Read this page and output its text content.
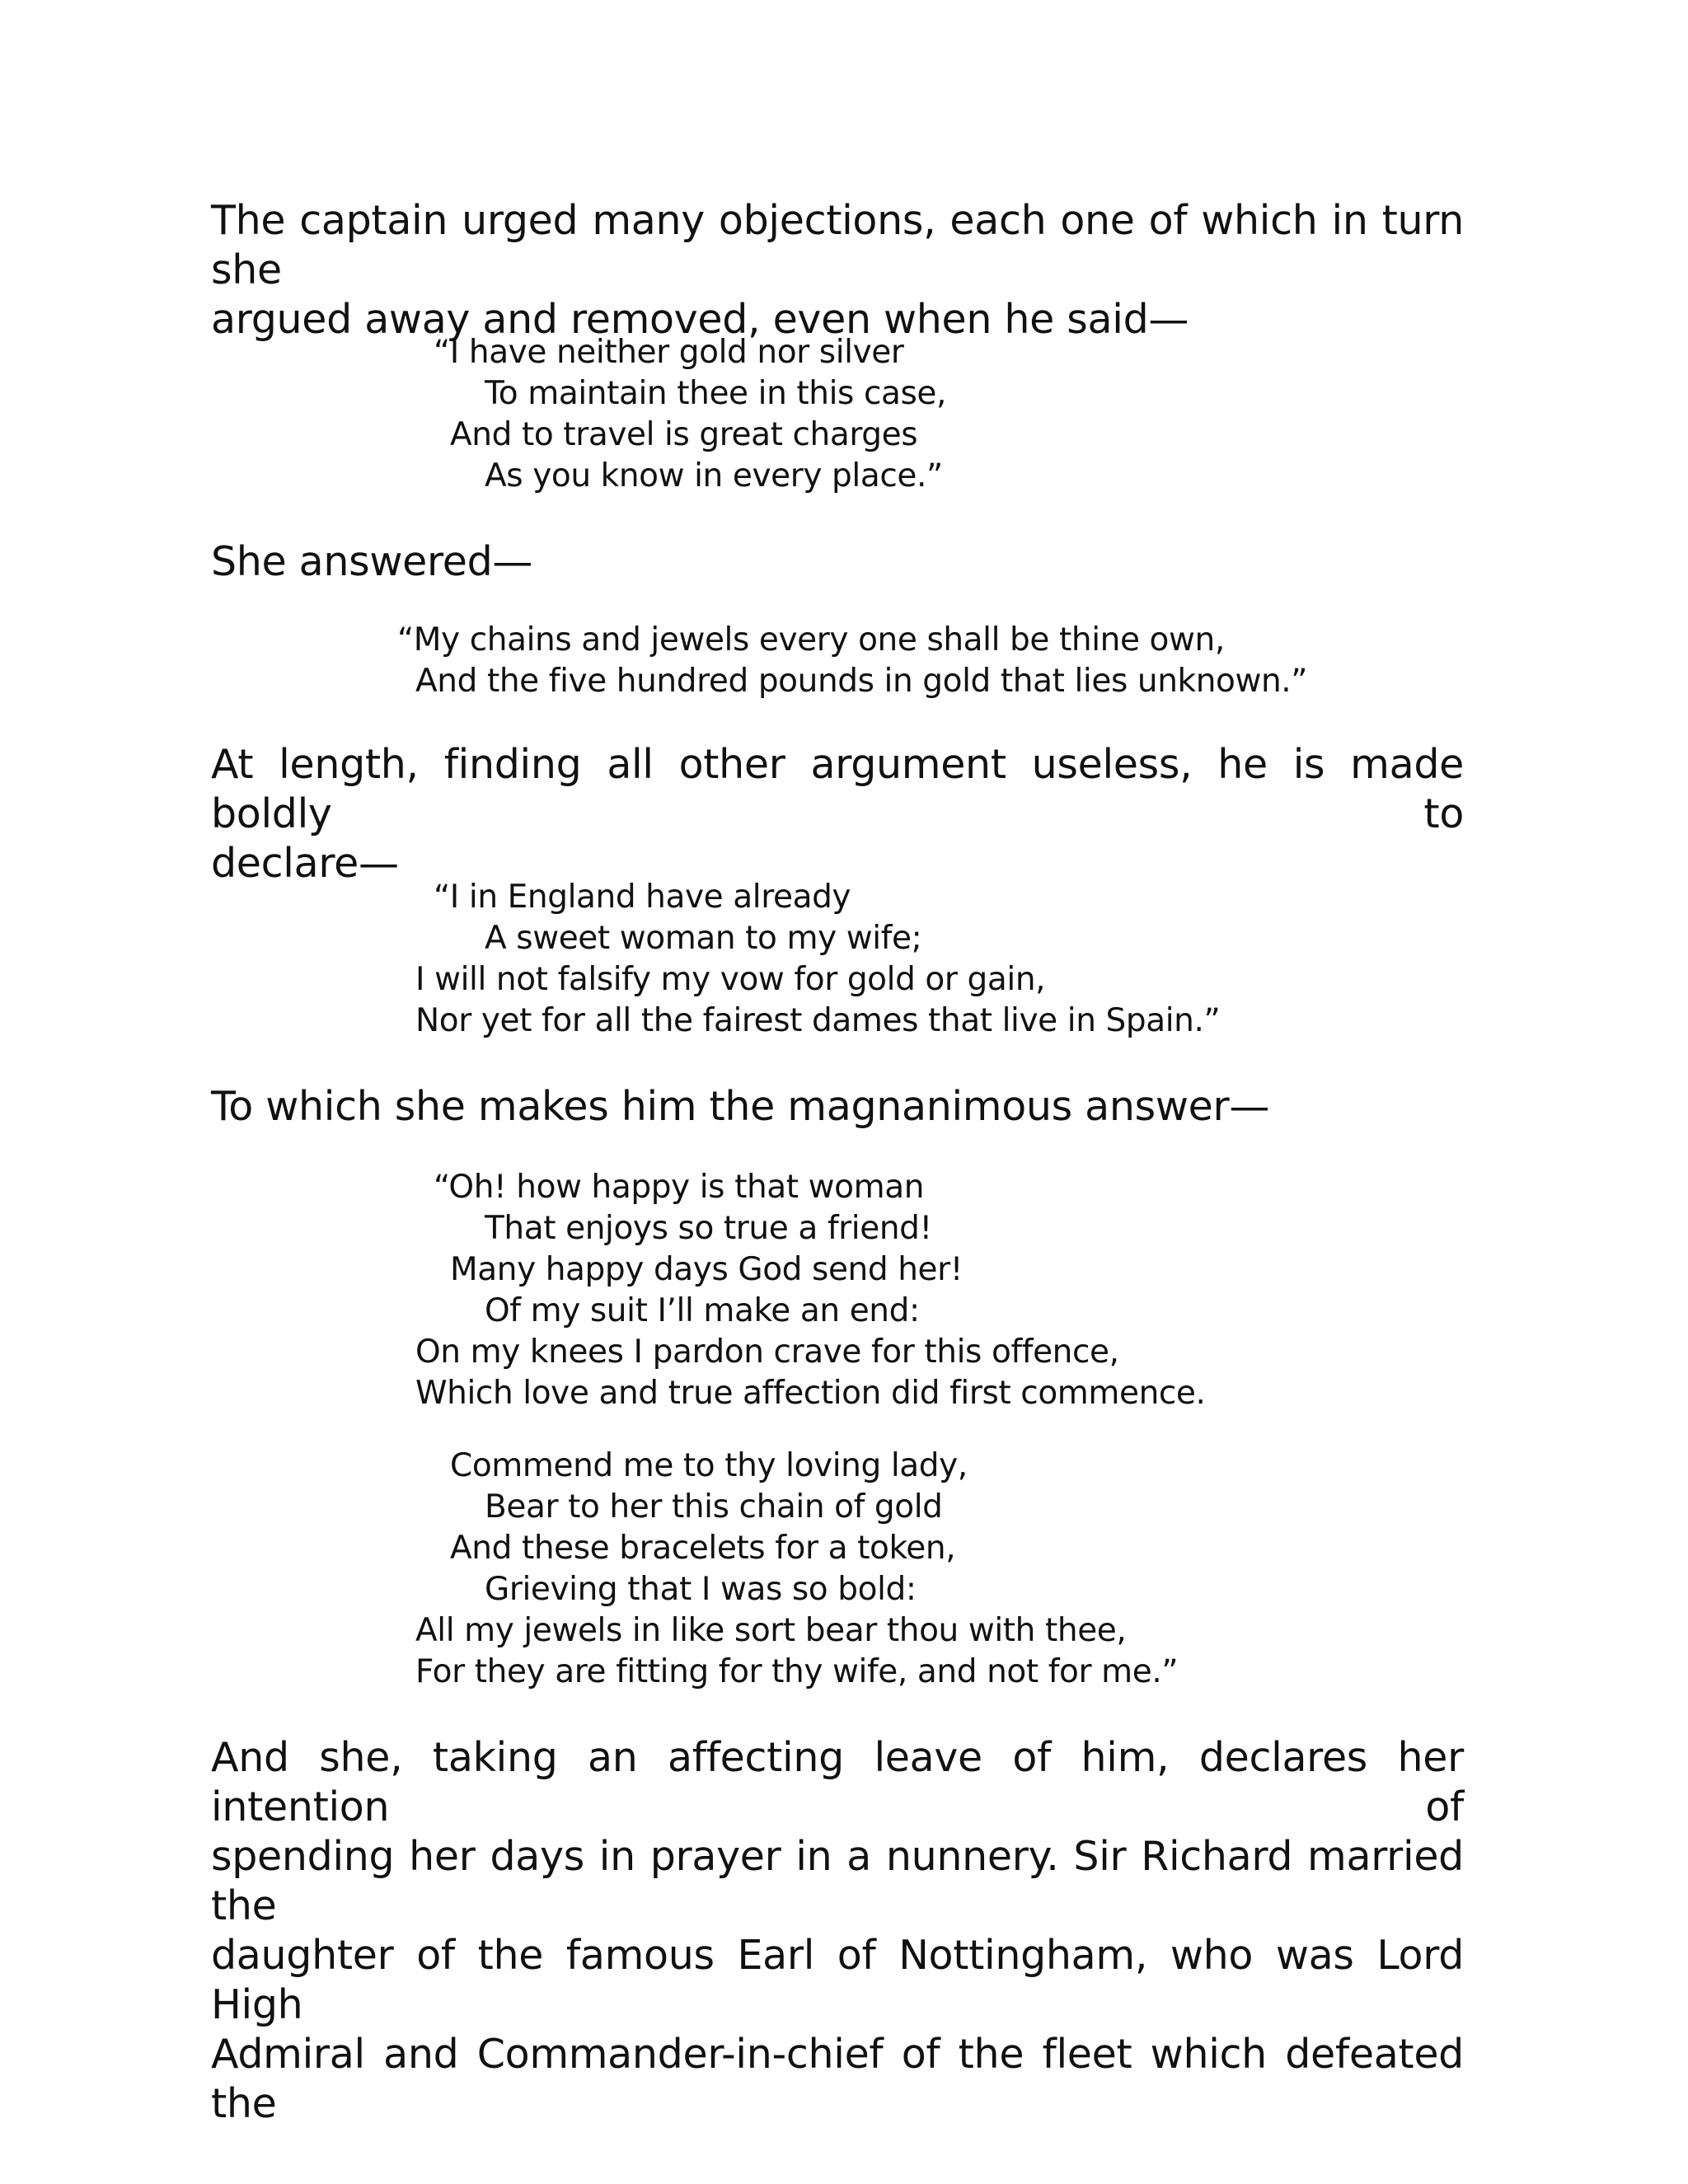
The captain urged many objections, each one of which in turn she
argued away and removed, even when he said—

“I have neither gold nor silver
To maintain thee in this case,
And to travel is great charges
As you know in every place.”

She answered—

“My chains and jewels every one shall be thine own,
And the five hundred pounds in gold that lies unknown.”

At length, finding all other argument useless, he is made boldly to
declare—

“I in England have already
A sweet woman to my wife;
I will not falsify my vow for gold or gain,
Nor yet for all the fairest dames that live in Spain.”

To which she makes him the magnanimous answer—

“Oh! how happy is that woman
That enjoys so true a friend!
Many happy days God send her!
Of my suit I’ll make an end:
On my knees I pardon crave for this offence,
Which love and true affection did first commence.
Commend me to thy loving lady,
Bear to her this chain of gold
And these bracelets for a token,
Grieving that I was so bold:
All my jewels in like sort bear thou with thee,
For they are fitting for thy wife, and not for me.”

And she, taking an affecting leave of him, declares her intention of
spending her days in prayer in a nunnery. Sir Richard married the
daughter of the famous Earl of Nottingham, who was Lord High
Admiral and Commander-in-chief of the fleet which defeated the
